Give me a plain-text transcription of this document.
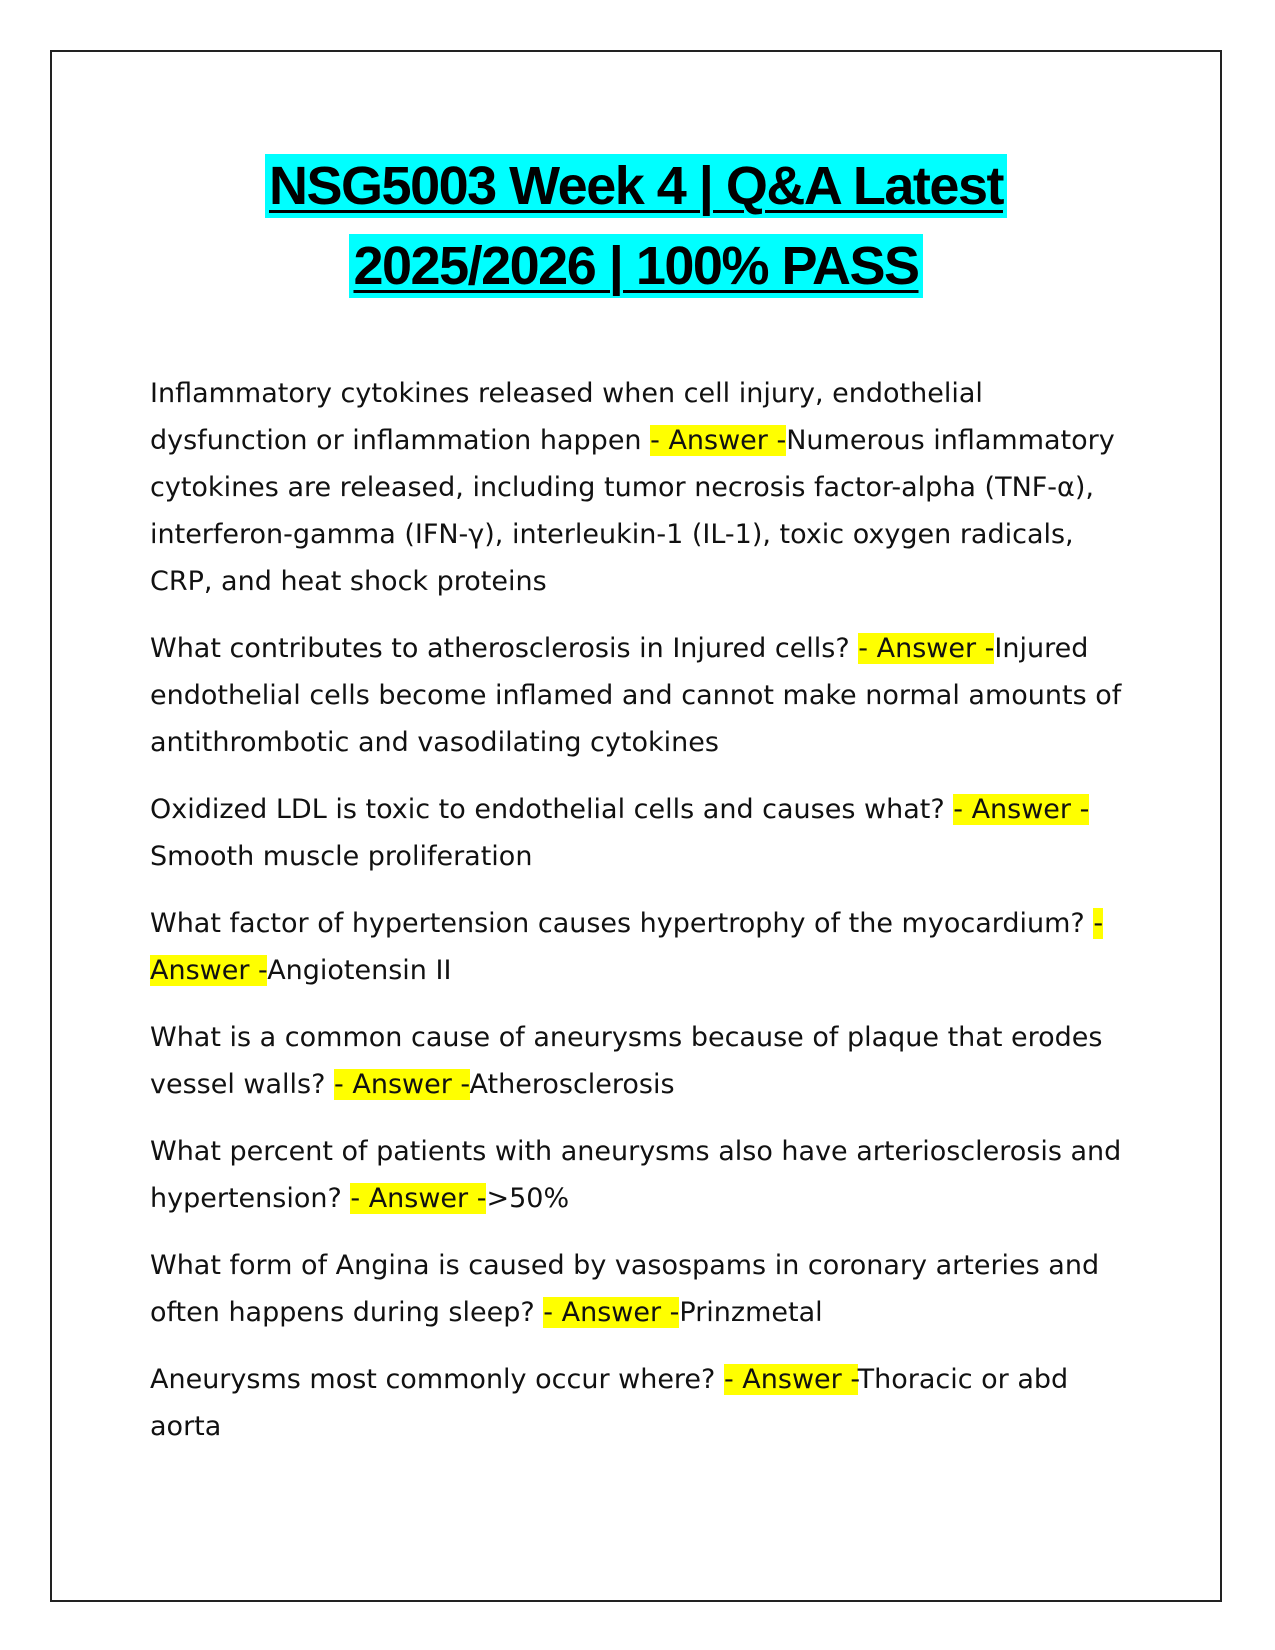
NSG5003 Week 4 | Q&A Latest
2025/2026 | 100% PASS

Inflammatory cytokines released when cell injury, endothelial dysfunction or inflammation happen - Answer -Numerous inflammatory cytokines are released, including tumor necrosis factor-alpha (TNF-α), interferon-gamma (IFN-γ), interleukin-1 (IL-1), toxic oxygen radicals, CRP, and heat shock proteins

What contributes to atherosclerosis in Injured cells? - Answer -Injured endothelial cells become inflamed and cannot make normal amounts of antithrombotic and vasodilating cytokines

Oxidized LDL is toxic to endothelial cells and causes what? - Answer -Smooth muscle proliferation

What factor of hypertension causes hypertrophy of the myocardium? - Answer -Angiotensin II

What is a common cause of aneurysms because of plaque that erodes vessel walls? - Answer -Atherosclerosis

What percent of patients with aneurysms also have arteriosclerosis and hypertension? - Answer ->50%

What form of Angina is caused by vasospams in coronary arteries and often happens during sleep? - Answer -Prinzmetal

Aneurysms most commonly occur where? - Answer -Thoracic or abd aorta
